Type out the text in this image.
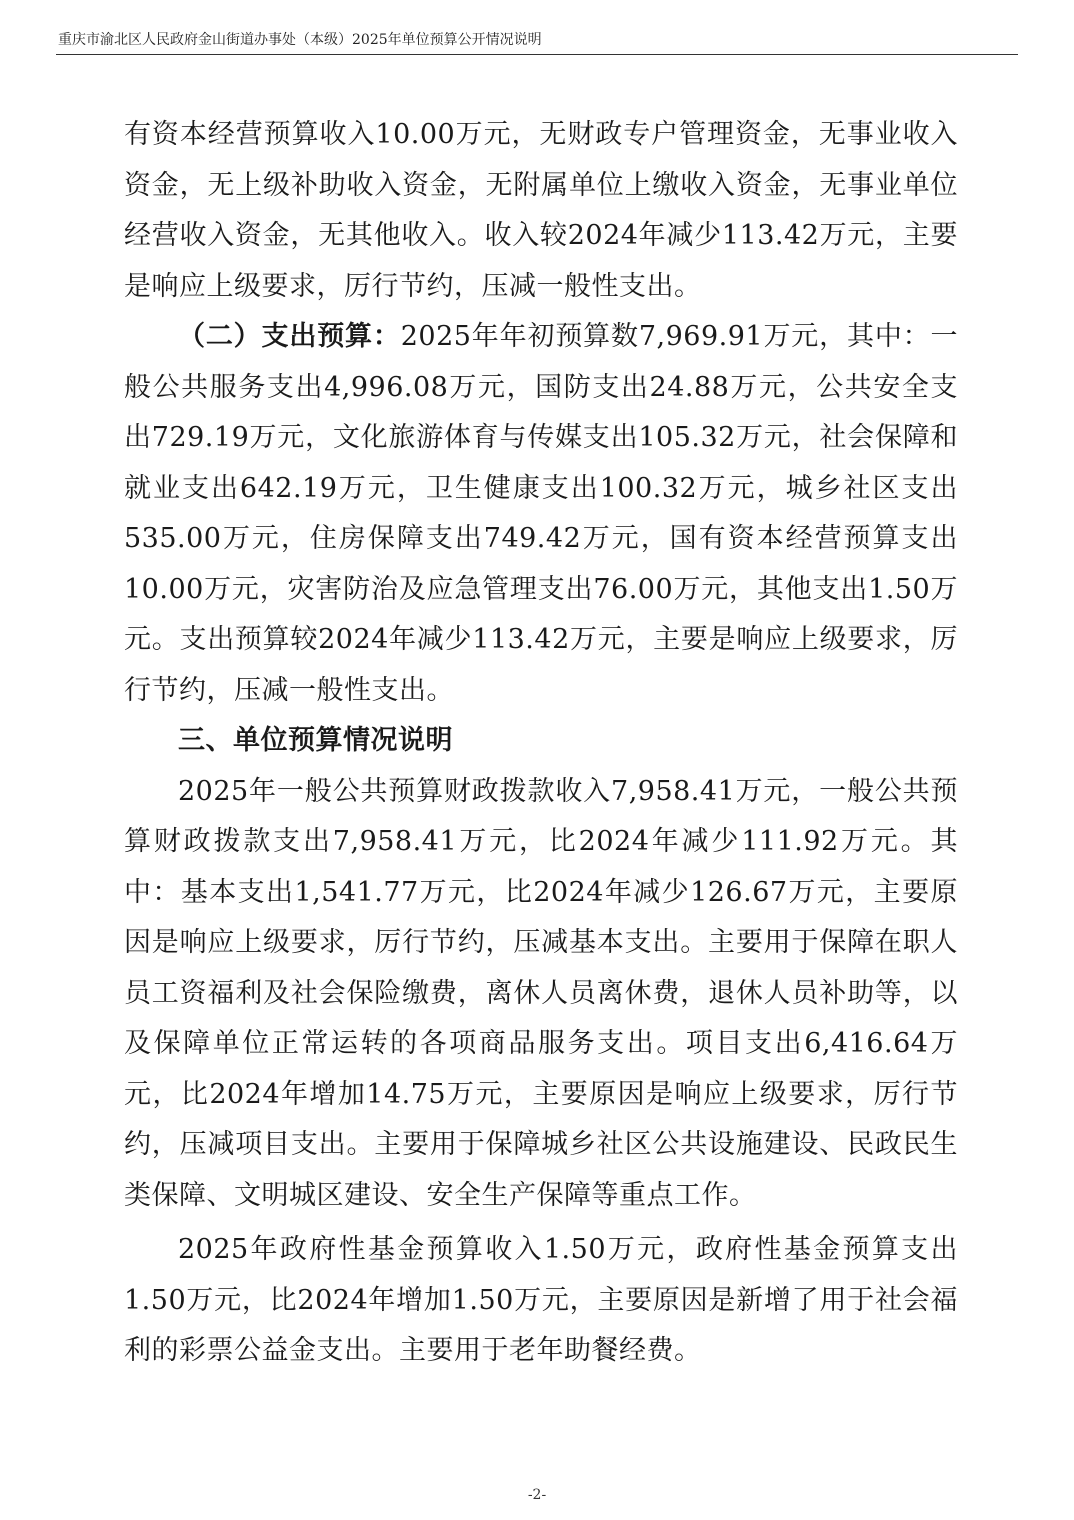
重庆市渝北区人民政府金山街道办事处（本级）2025年单位预算公开情况说明

有资本经营预算收入10.00万元，无财政专户管理资金，无事业收入资金，无上级补助收入资金，无附属单位上缴收入资金，无事业单位经营收入资金，无其他收入。收入较2024年减少113.42万元，主要是响应上级要求，厉行节约，压减一般性支出。

（二）支出预算：2025年年初预算数7,969.91万元，其中：一般公共服务支出4,996.08万元，国防支出24.88万元，公共安全支出729.19万元，文化旅游体育与传媒支出105.32万元，社会保障和就业支出642.19万元，卫生健康支出100.32万元，城乡社区支出535.00万元，住房保障支出749.42万元，国有资本经营预算支出10.00万元，灾害防治及应急管理支出76.00万元，其他支出1.50万元。支出预算较2024年减少113.42万元，主要是响应上级要求，厉行节约，压减一般性支出。

三、单位预算情况说明

2025年一般公共预算财政拨款收入7,958.41万元，一般公共预算财政拨款支出7,958.41万元，比2024年减少111.92万元。其中：基本支出1,541.77万元，比2024年减少126.67万元，主要原因是响应上级要求，厉行节约，压减基本支出。主要用于保障在职人员工资福利及社会保险缴费，离休人员离休费，退休人员补助等，以及保障单位正常运转的各项商品服务支出。项目支出6,416.64万元，比2024年增加14.75万元，主要原因是响应上级要求，厉行节约，压减项目支出。主要用于保障城乡社区公共设施建设、民政民生类保障、文明城区建设、安全生产保障等重点工作。

2025年政府性基金预算收入1.50万元，政府性基金预算支出1.50万元，比2024年增加1.50万元，主要原因是新增了用于社会福利的彩票公益金支出。主要用于老年助餐经费。

-2-
